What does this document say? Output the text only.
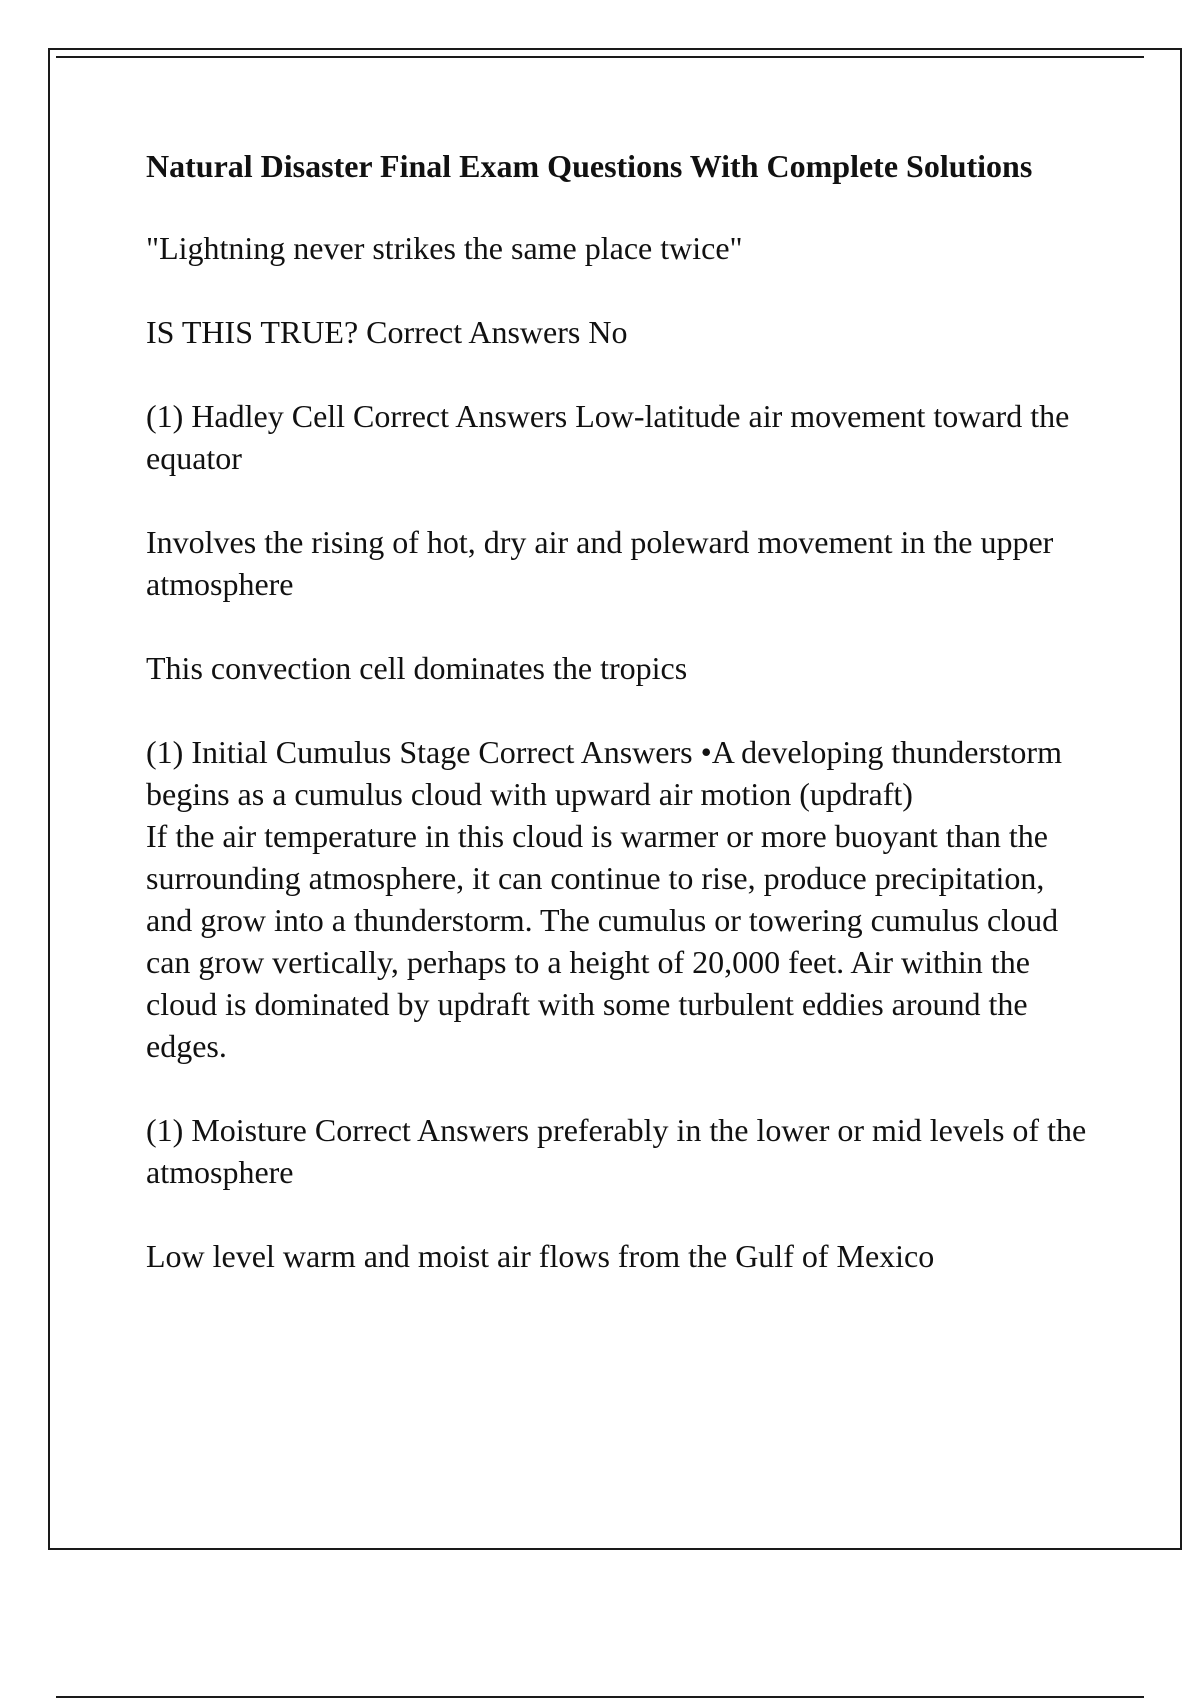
Natural Disaster Final Exam Questions With Complete Solutions

"Lightning never strikes the same place twice"

IS THIS TRUE? Correct Answers No

(1) Hadley Cell Correct Answers Low-latitude air movement toward the equator

Involves the rising of hot, dry air and poleward movement in the upper atmosphere

This convection cell dominates the tropics

(1) Initial Cumulus Stage Correct Answers •A developing thunderstorm begins as a cumulus cloud with upward air motion (updraft)

If the air temperature in this cloud is warmer or more buoyant than the surrounding atmosphere, it can continue to rise, produce precipitation, and grow into a thunderstorm. The cumulus or towering cumulus cloud can grow vertically, perhaps to a height of 20,000 feet. Air within the cloud is dominated by updraft with some turbulent eddies around the edges.

(1) Moisture Correct Answers preferably in the lower or mid levels of the atmosphere

Low level warm and moist air flows from the Gulf of Mexico
